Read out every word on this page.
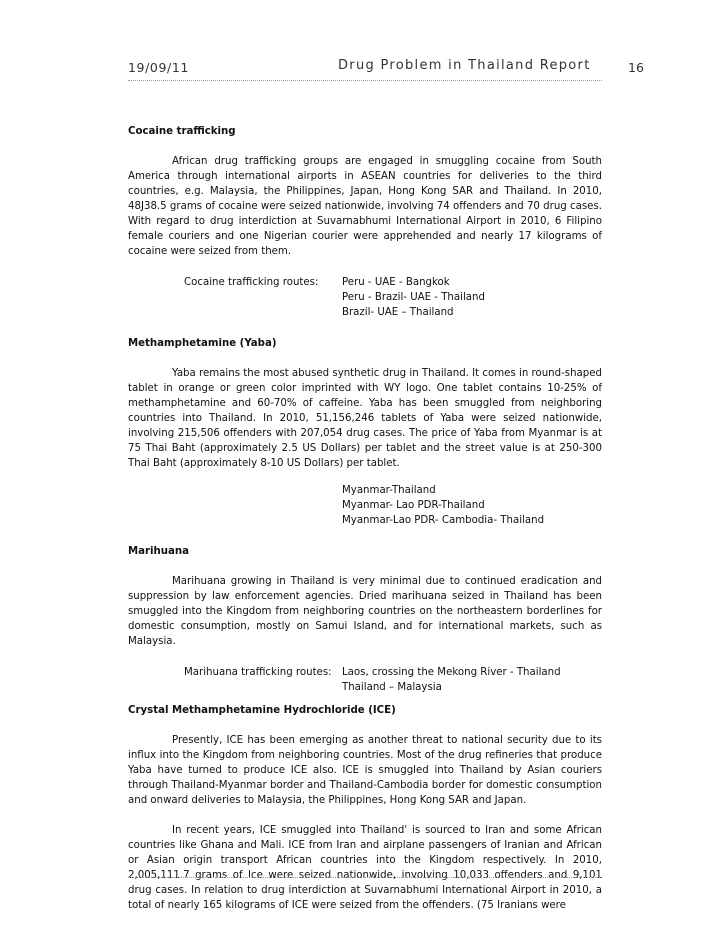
19/09/11	Drug Problem in Thailand Report	16
Cocaine trafficking

African drug trafficking groups are engaged in smuggling cocaine from South America through international airports in ASEAN countries for deliveries to the third countries, e.g. Malaysia, the Philippines, Japan, Hong Kong SAR and Thailand. In 2010, 48J38.5 grams of cocaine were seized nationwide, involving 74 offenders and 70 drug cases. With regard to drug interdiction at Suvarnabhumi International Airport in 2010, 6 Filipino female couriers and one Nigerian courier were apprehended and nearly 17 kilograms of cocaine were seized from them.

Cocaine trafficking routes: Peru - UAE - Bangkok
Peru - Brazil- UAE - Thailand
Brazil- UAE – Thailand
Methamphetamine (Yaba)

Yaba remains the most abused synthetic drug in Thailand. It comes in round-shaped tablet in orange or green color imprinted with WY logo. One tablet contains 10-25% of methamphetamine and 60-70% of caffeine. Yaba has been smuggled from neighboring countries into Thailand. In 2010, 51,156,246 tablets of Yaba were seized nationwide, involving 215,506 offenders with 207,054 drug cases. The price of Yaba from Myanmar is at 75 Thai Baht (approximately 2.5 US Dollars) per tablet and the street value is at 250-300 Thai Baht (approximately 8-10 US Dollars) per tablet.

Myanmar-Thailand
Myanmar- Lao PDR-Thailand
Myanmar-Lao PDR- Cambodia- Thailand
Marihuana

Marihuana growing in Thailand is very minimal due to continued eradication and suppression by law enforcement agencies. Dried marihuana seized in Thailand has been smuggled into the Kingdom from neighboring countries on the northeastern borderlines for domestic consumption, mostly on Samui Island, and for international markets, such as Malaysia.

Marihuana trafficking routes: Laos, crossing the Mekong River - Thailand
Thailand – Malaysia
Crystal Methamphetamine Hydrochloride (ICE)

Presently, ICE has been emerging as another threat to national security due to its influx into the Kingdom from neighboring countries. Most of the drug refineries that produce Yaba have turned to produce ICE also. ICE is smuggled into Thailand by Asian couriers through Thailand-Myanmar border and Thailand-Cambodia border for domestic consumption and onward deliveries to Malaysia, the Philippines, Hong Kong SAR and Japan.

In recent years, ICE smuggled into Thailand' is sourced to Iran and some African countries like Ghana and Mali. ICE from Iran and airplane passengers of Iranian and African or Asian origin transport African countries into the Kingdom respectively. In 2010, 2,005,111.7 grams of Ice were seized nationwide, involving 10,033 offenders and 9,101 drug cases. In relation to drug interdiction at Suvarnabhumi International Airport in 2010, a total of nearly 165 kilograms of ICE were seized from the offenders. (75 Iranians were
